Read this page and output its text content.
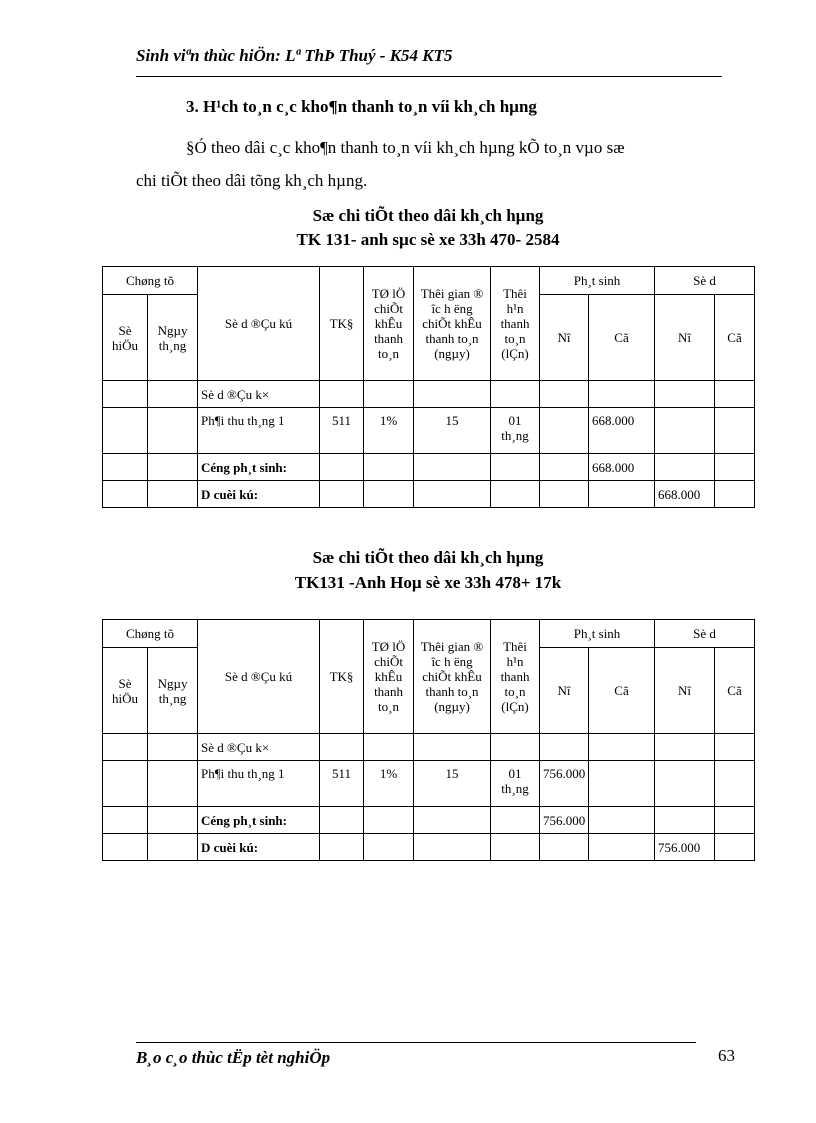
Sinh viªn thùc hiÖn: Lª ThÞ Thuý - K54 KT5
3. H¹ch to¸n c¸c kho¶n thanh to¸n víi kh¸ch hµng
§Ó theo dâi c¸c kho¶n thanh to¸n víi kh¸ch hµng kÕ to¸n vµo sæ
chi tiÕt theo dâi tõng kh¸ch hµng.
Sæ chi tiÕt theo dâi kh¸ch hµng
TK 131- anh sµc sè xe 33h 470- 2584
Chøng tõ		Sè d ®Çu kú	TK§	TØ lÖ chiÕt khÊu thanh to¸n	Thêi gian ® îc h ëng chiÕt khÊu thanh to¸n (ngµy)	Thêi h¹n thanh to¸n (lÇn)	Ph¸t sinh		Sè d	
Sè hiÖu	Ngµy th¸ng						Nî	Cã	Nî	Cã
		Sè d ®Çu k×								
		Ph¶i thu th¸ng 1	511	1%	15	01 th¸ng		668.000		
		Céng ph¸t sinh:						668.000		
		D cuèi kú:							668.000	
Sæ chi tiÕt theo dâi kh¸ch hµng
TK131 -Anh Hoµ sè xe 33h 478+ 17k
Chøng tõ		Sè d ®Çu kú	TK§	TØ lÖ chiÕt khÊu thanh to¸n	Thêi gian ® îc h ëng chiÕt khÊu thanh to¸n (ngµy)	Thêi h¹n thanh to¸n (lÇn)	Ph¸t sinh		Sè d	
Sè hiÖu	Ngµy th¸ng						Nî	Cã	Nî	Cã
		Sè d ®Çu k×								
		Ph¶i thu th¸ng 1	511	1%	15	01 th¸ng	756.000			
		Céng ph¸t sinh:					756.000			
		D cuèi kú:							756.000	
B¸o c¸o thùc tËp tèt nghiÖp	63
